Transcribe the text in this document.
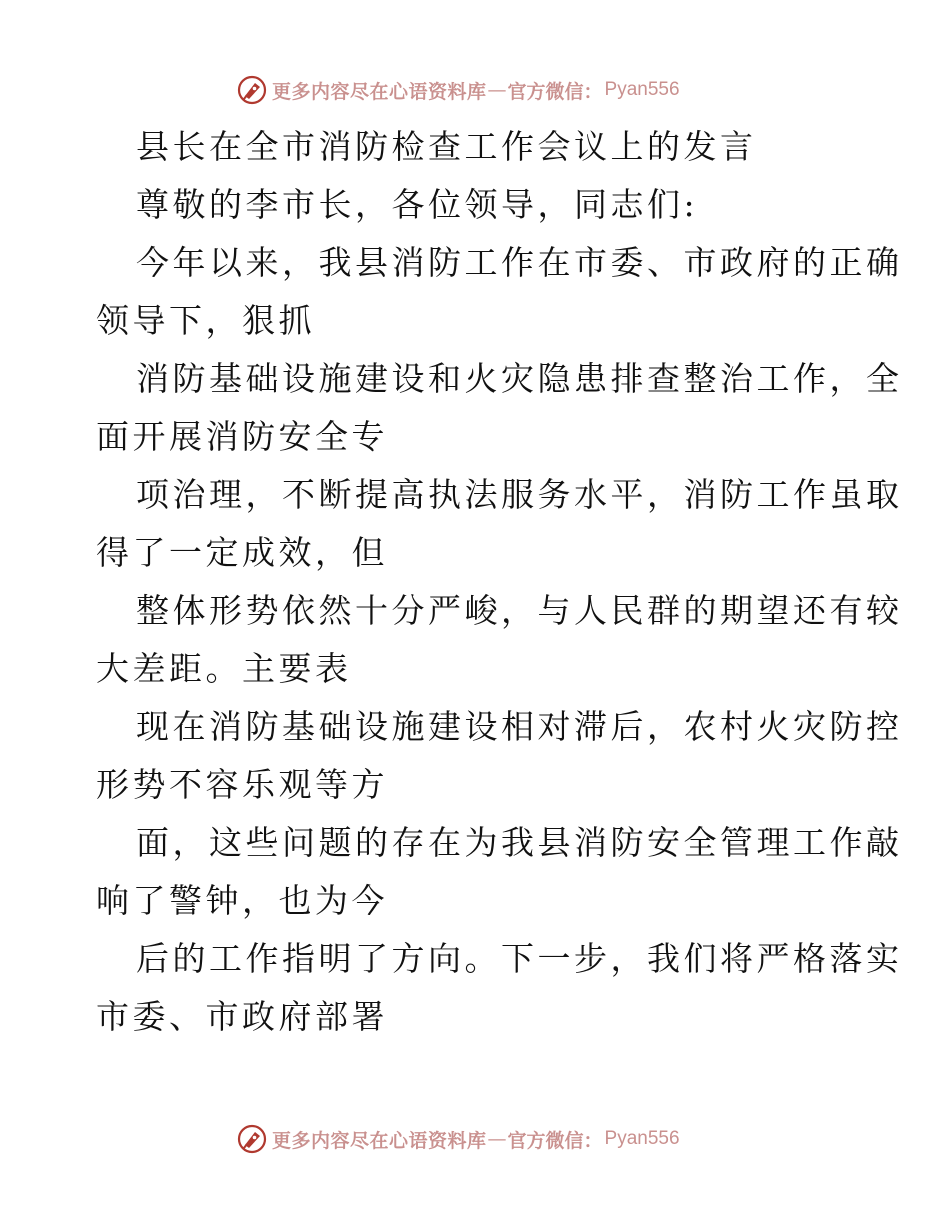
更多内容尽在心语资料库 — 官方微信： Pyan556
县长在全市消防检查工作会议上的发言
尊敬的李市长，各位领导，同志们:
今年以来，我县消防工作在市委、市政府的正确
领导下，狠抓
消防基础设施建设和火灾隐患排查整治工作，全
面开展消防安全专
项治理，不断提高执法服务水平，消防工作虽取
得了一定成效，但
整体形势依然十分严峻，与人民群的期望还有较
大差距。主要表
现在消防基础设施建设相对滞后，农村火灾防控
形势不容乐观等方
面，这些问题的存在为我县消防安全管理工作敲
响了警钟，也为今
后的工作指明了方向。下一步，我们将严格落实
市委、市政府部署
更多内容尽在心语资料库 — 官方微信： Pyan556
